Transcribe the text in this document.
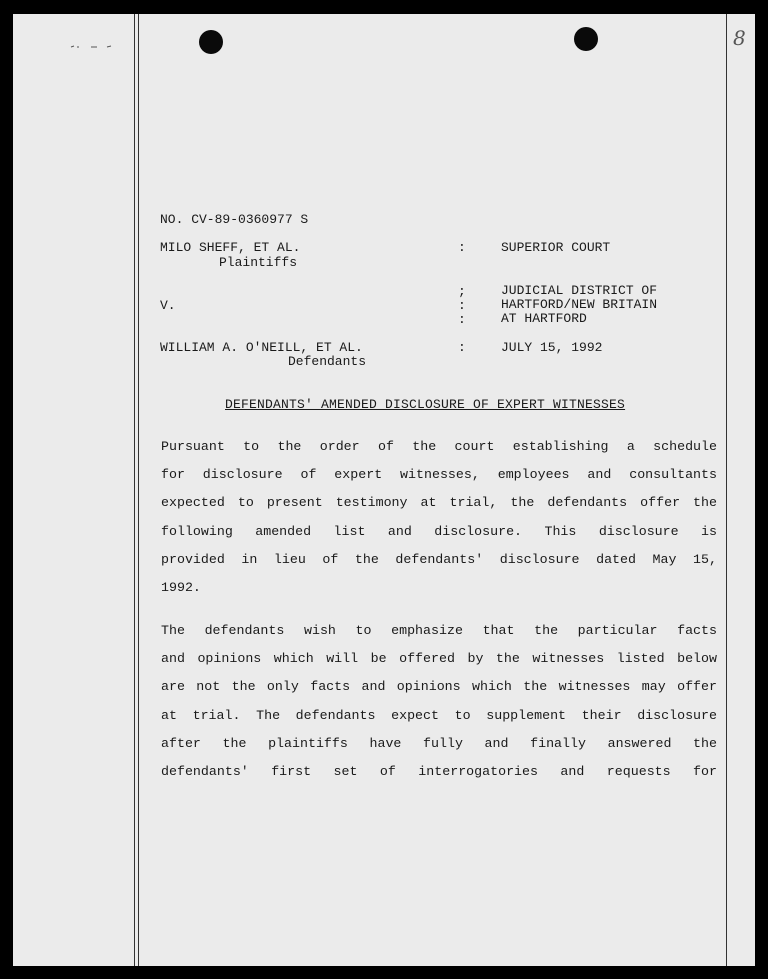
8
NO. CV-89-0360977 S
MILO SHEFF, ET AL.
Plaintiffs
V.
WILLIAM A. O'NEILL, ET AL.
Defendants
:
;
:
:
:
SUPERIOR COURT
JUDICIAL DISTRICT OF
HARTFORD/NEW BRITAIN
AT HARTFORD
JULY 15, 1992
DEFENDANTS' AMENDED DISCLOSURE OF EXPERT WITNESSES
Pursuant to the order of the court establishing a schedule
for disclosure of expert witnesses, employees and consultants
expected to present testimony at trial, the defendants offer the
following amended list and disclosure. This disclosure is
provided in lieu of the defendants' disclosure dated May 15,
1992.
The defendants wish to emphasize that the particular facts
and opinions which will be offered by the witnesses listed below
are not the only facts and opinions which the witnesses may offer
at trial. The defendants expect to supplement their disclosure
after the plaintiffs have fully and finally answered the
defendants' first set of interrogatories and requests for
